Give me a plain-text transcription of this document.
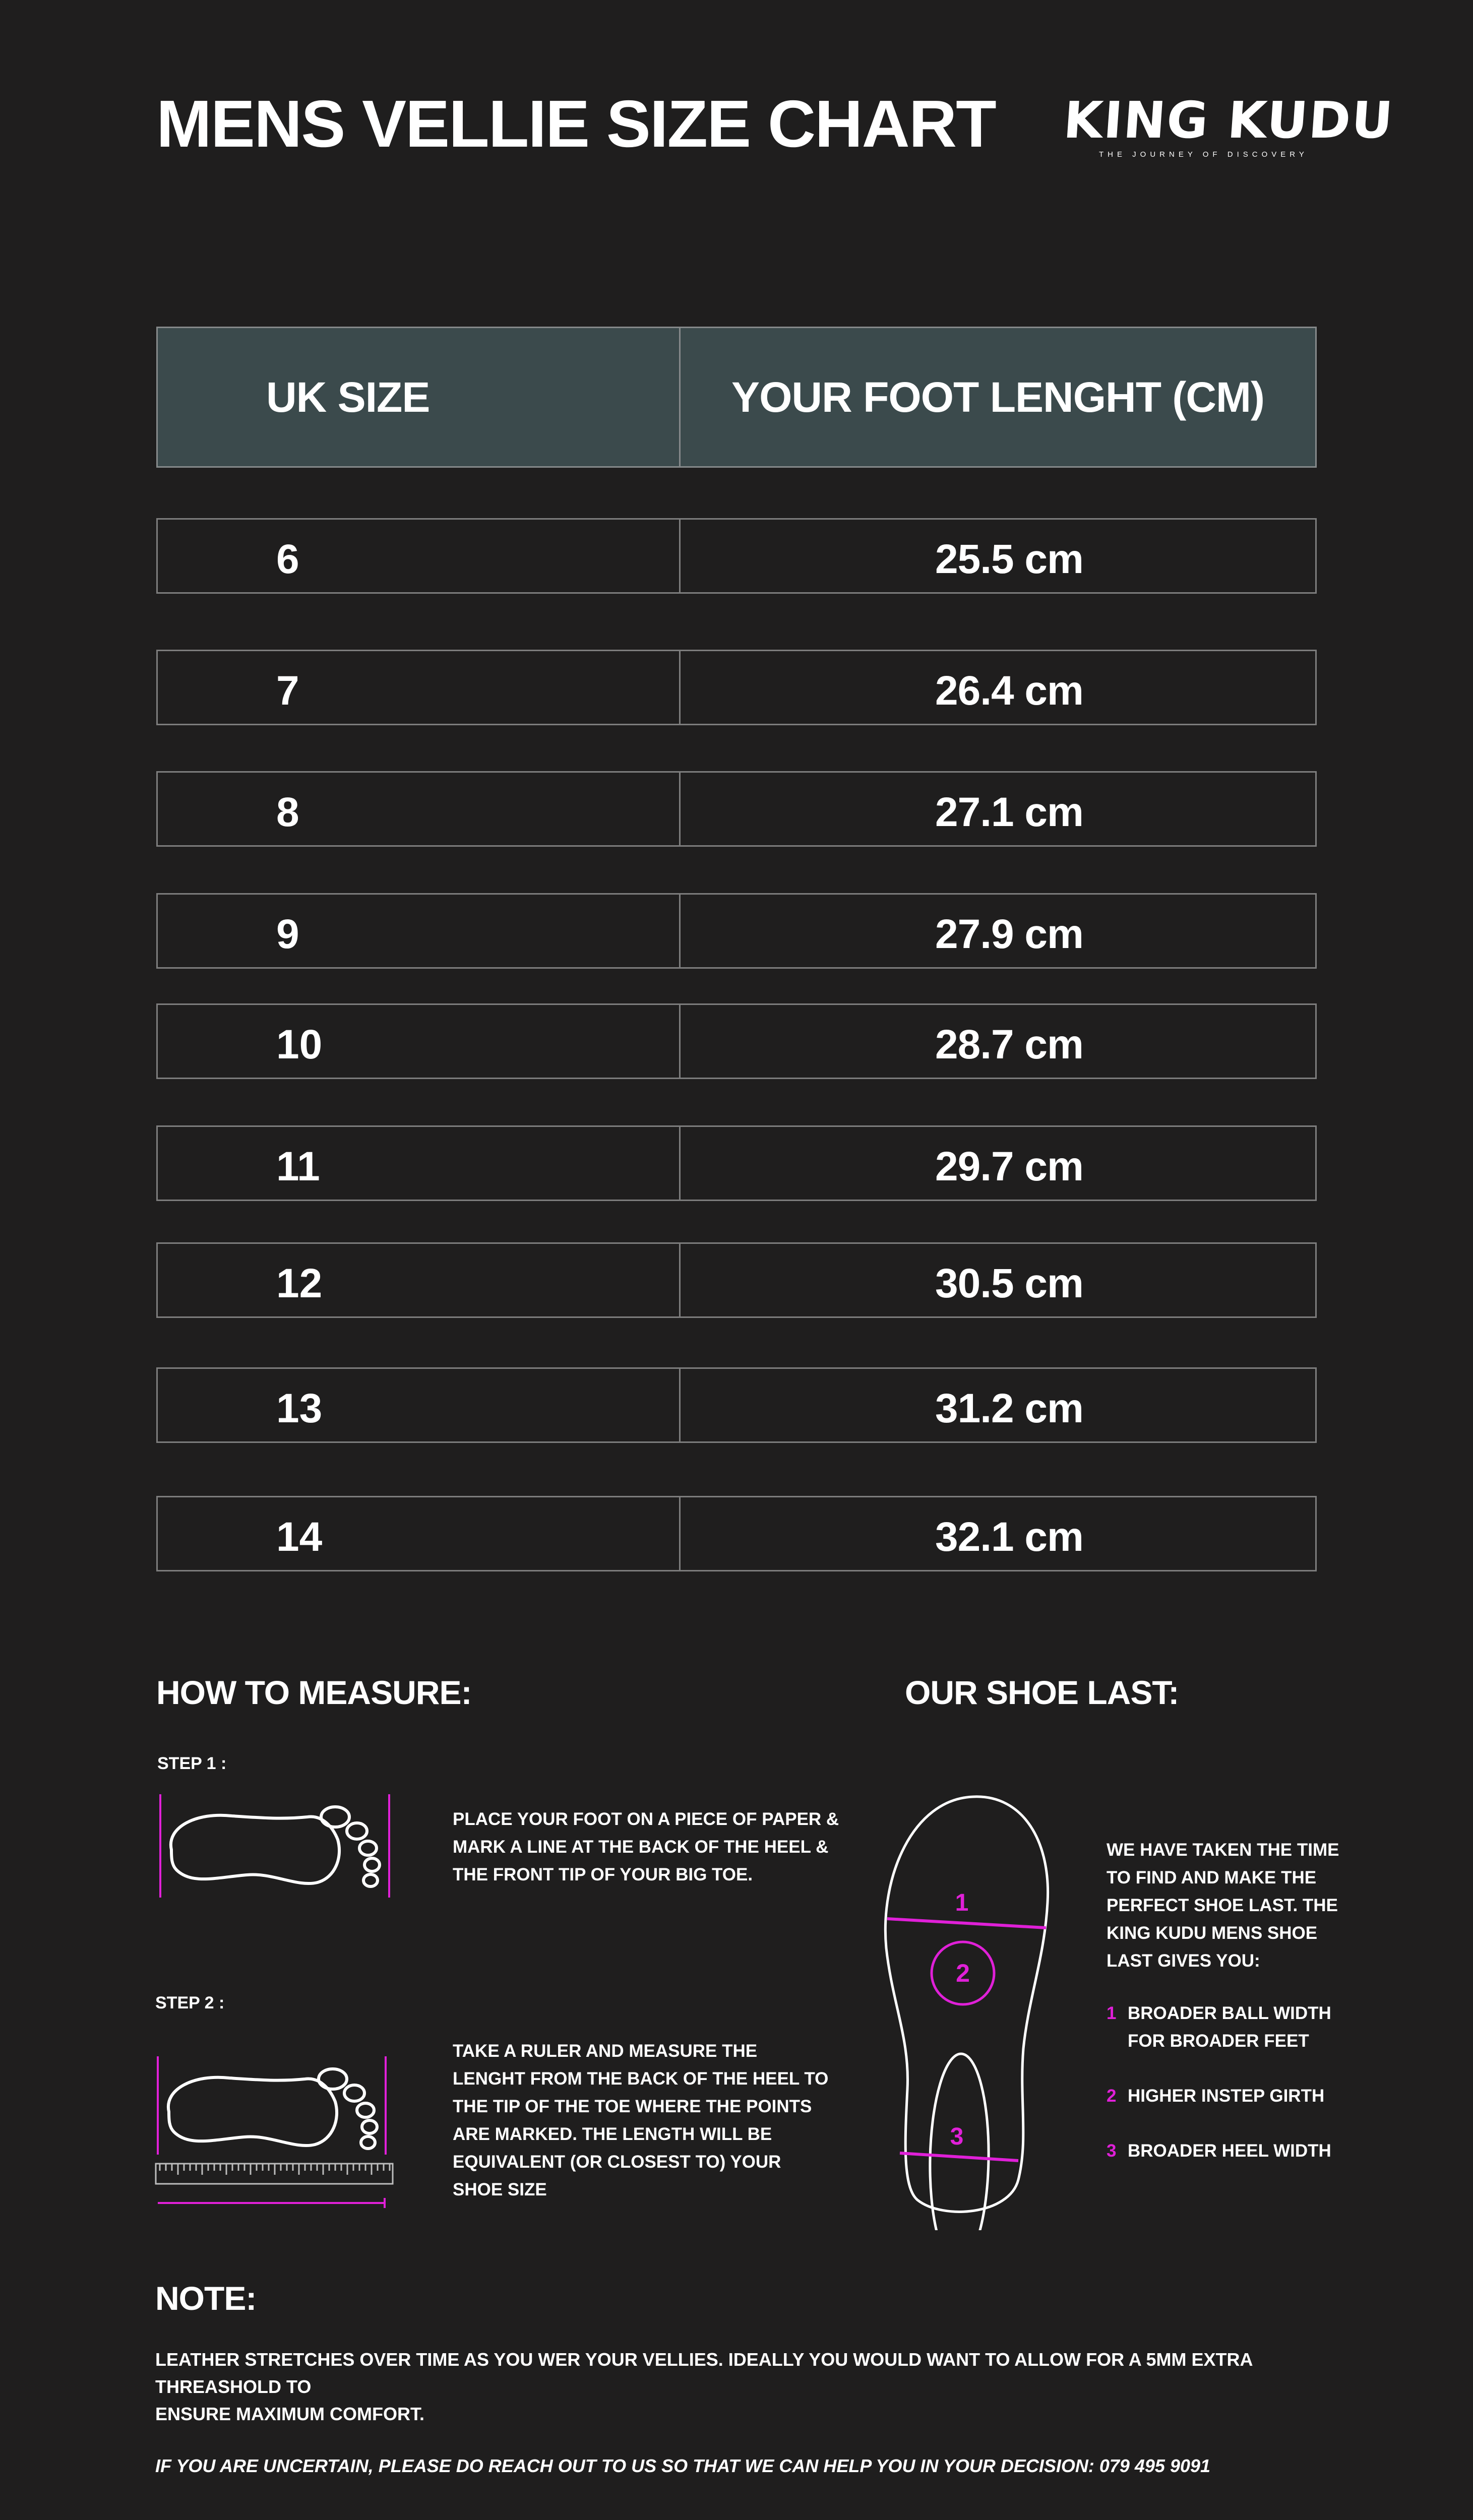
MENS VELLIE SIZE CHART KING KUDU
THE JOURNEY OF DISCOVERY
UK SIZE	YOUR FOOT LENGHT (CM)
6	25.5 cm
7	26.4 cm
8	27.1 cm
9	27.9 cm
10	28.7 cm
11	29.7 cm
12	30.5 cm
13	31.2 cm
14	32.1 cm
HOW TO MEASURE:
STEP 1 :
PLACE YOUR FOOT ON A PIECE OF PAPER &
MARK A LINE AT THE BACK OF THE HEEL &
THE FRONT TIP OF YOUR BIG TOE.
STEP 2 :
TAKE A RULER AND MEASURE THE
LENGHT FROM THE BACK OF THE HEEL TO
THE TIP OF THE TOE WHERE THE POINTS
ARE MARKED. THE LENGTH WILL BE
EQUIVALENT (OR CLOSEST TO) YOUR
SHOE SIZE
OUR SHOE LAST:
1
2
3
WE HAVE TAKEN THE TIME
TO FIND AND MAKE THE
PERFECT SHOE LAST. THE
KING KUDU MENS SHOE
LAST GIVES YOU:
1 BROADER BALL WIDTH
FOR BROADER FEET
2 HIGHER INSTEP GIRTH
3 BROADER HEEL WIDTH
NOTE:
LEATHER STRETCHES OVER TIME AS YOU WER YOUR VELLIES. IDEALLY YOU WOULD WANT TO ALLOW FOR A 5MM EXTRA THREASHOLD TO
ENSURE MAXIMUM COMFORT.
IF YOU ARE UNCERTAIN, PLEASE DO REACH OUT TO US SO THAT WE CAN HELP YOU IN YOUR DECISION: 079 495 9091
